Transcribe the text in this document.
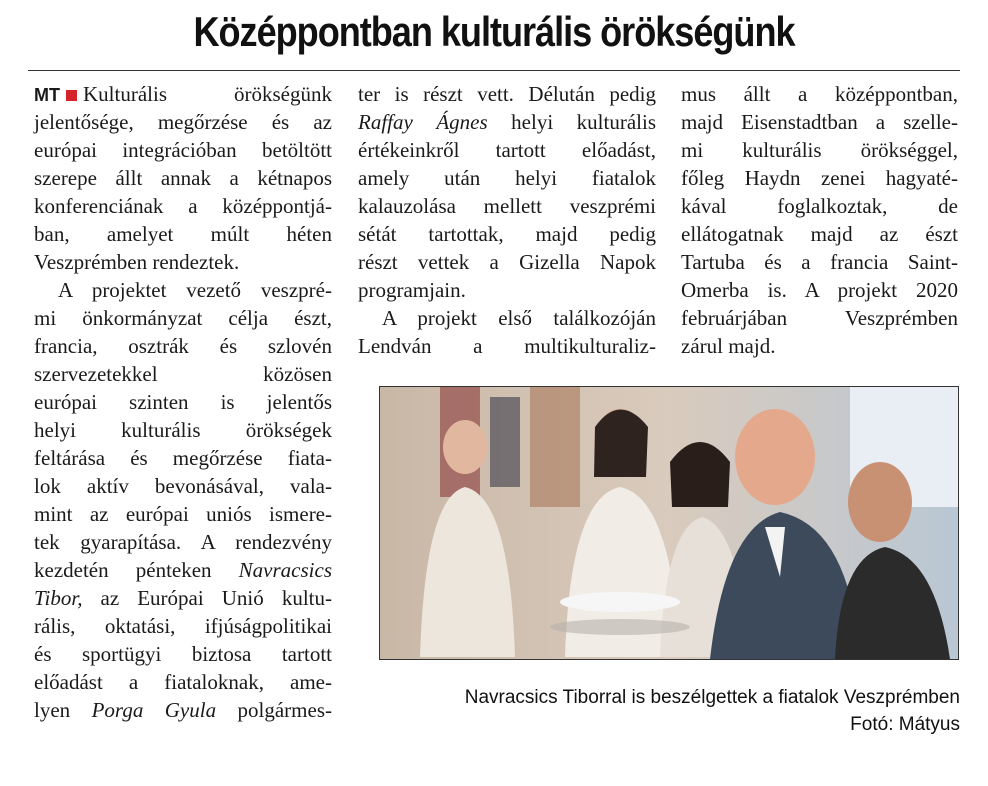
Középpontban kulturális örökségünk
MT Kulturális örökségünk
jelentősége, megőrzése és az
európai integrációban betöltött
szerepe állt annak a kétnapos
konferenciának a középpontjá-
ban, amelyet múlt héten
Veszprémben rendeztek.
A projektet vezető veszpré-
mi önkormányzat célja észt,
francia, osztrák és szlovén
szervezetekkel közösen
európai szinten is jelentős
helyi kulturális örökségek
feltárása és megőrzése fiata-
lok aktív bevonásával, vala-
mint az európai uniós ismere-
tek gyarapítása. A rendezvény
kezdetén pénteken Navracsics
Tibor, az Európai Unió kultu-
rális, oktatási, ifjúságpolitikai
és sportügyi biztosa tartott
előadást a fiataloknak, ame-
lyen Porga Gyula polgármes-
ter is részt vett. Délután pedig
Raffay Ágnes helyi kulturális
értékeinkről tartott előadást,
amely után helyi fiatalok
kalauzolása mellett veszprémi
sétát tartottak, majd pedig
részt vettek a Gizella Napok
programjain.
A projekt első találkozóján
Lendván a multikulturaliz-
mus állt a középpontban,
majd Eisenstadtban a szelle-
mi kulturális örökséggel,
főleg Haydn zenei hagyaté-
kával foglalkoztak, de
ellátogatnak majd az észt
Tartuba és a francia Saint-
Omerba is. A projekt 2020
februárjában Veszprémben
zárul majd.
Navracsics Tiborral is beszélgettek a fiatalok Veszprémben
Fotó: Mátyus
